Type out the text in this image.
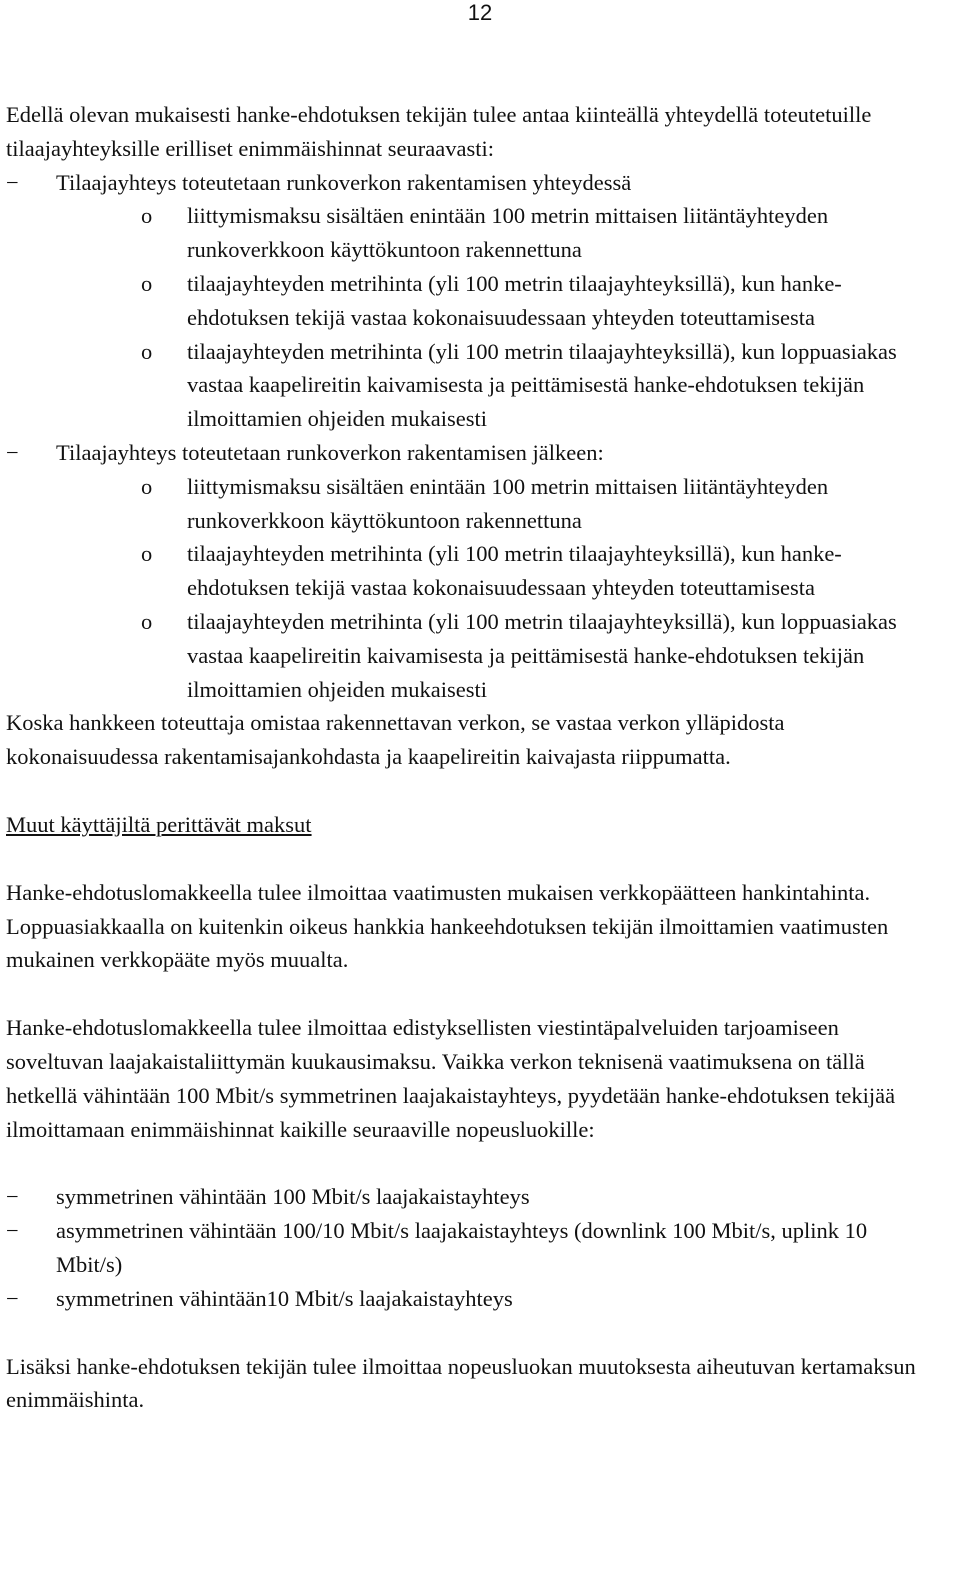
12

Edellä olevan mukaisesti hanke-ehdotuksen tekijän tulee antaa kiinteällä yhteydellä toteutetuille tilaajayhteyksille erilliset enimmäishinnat seuraavasti:

−	Tilaajayhteys toteutetaan runkoverkon rakentamisen yhteydessä
o liittymismaksu sisältäen enintään 100 metrin mittaisen liitäntäyhteyden runkoverkkoon käyttökuntoon rakennettuna
o tilaajayhteyden metrihinta (yli 100 metrin tilaajayhteyksillä), kun hanke-ehdotuksen tekijä vastaa kokonaisuudessaan yhteyden toteuttamisesta
o tilaajayhteyden metrihinta (yli 100 metrin tilaajayhteyksillä), kun loppuasiakas vastaa kaapelireitin kaivamisesta ja peittämisestä hanke-ehdotuksen tekijän ilmoittamien ohjeiden mukaisesti
−	Tilaajayhteys toteutetaan runkoverkon rakentamisen jälkeen:
o liittymismaksu sisältäen enintään 100 metrin mittaisen liitäntäyhteyden runkoverkkoon käyttökuntoon rakennettuna
o tilaajayhteyden metrihinta (yli 100 metrin tilaajayhteyksillä), kun hanke-ehdotuksen tekijä vastaa kokonaisuudessaan yhteyden toteuttamisesta
o tilaajayhteyden metrihinta (yli 100 metrin tilaajayhteyksillä), kun loppuasiakas vastaa kaapelireitin kaivamisesta ja peittämisestä hanke-ehdotuksen tekijän ilmoittamien ohjeiden mukaisesti

Koska hankkeen toteuttaja omistaa rakennettavan verkon, se vastaa verkon ylläpidosta kokonaisuudessa rakentamisajankohdasta ja kaapelireitin kaivajasta riippumatta.

Muut käyttäjiltä perittävät maksut

Hanke-ehdotuslomakkeella tulee ilmoittaa vaatimusten mukaisen verkkopäätteen hankintahinta. Loppuasiakkaalla on kuitenkin oikeus hankkia hankeehdotuksen tekijän ilmoittamien vaatimusten mukainen verkkopääte myös muualta.

Hanke-ehdotuslomakkeella tulee ilmoittaa edistyksellisten viestintäpalveluiden tarjoamiseen soveltuvan laajakaistaliittymän kuukausimaksu. Vaikka verkon teknisenä vaatimuksena on tällä hetkellä vähintään 100 Mbit/s symmetrinen laajakaistayhteys, pyydetään hanke-ehdotuksen tekijää ilmoittamaan enimmäishinnat kaikille seuraaville nopeusluokille:

−	symmetrinen vähintään 100 Mbit/s laajakaistayhteys
−	asymmetrinen vähintään 100/10 Mbit/s laajakaistayhteys (downlink 100 Mbit/s, uplink 10 Mbit/s)
−	symmetrinen vähintään10 Mbit/s laajakaistayhteys

Lisäksi hanke-ehdotuksen tekijän tulee ilmoittaa nopeusluokan muutoksesta aiheutuvan kertamaksun enimmäishinta.
